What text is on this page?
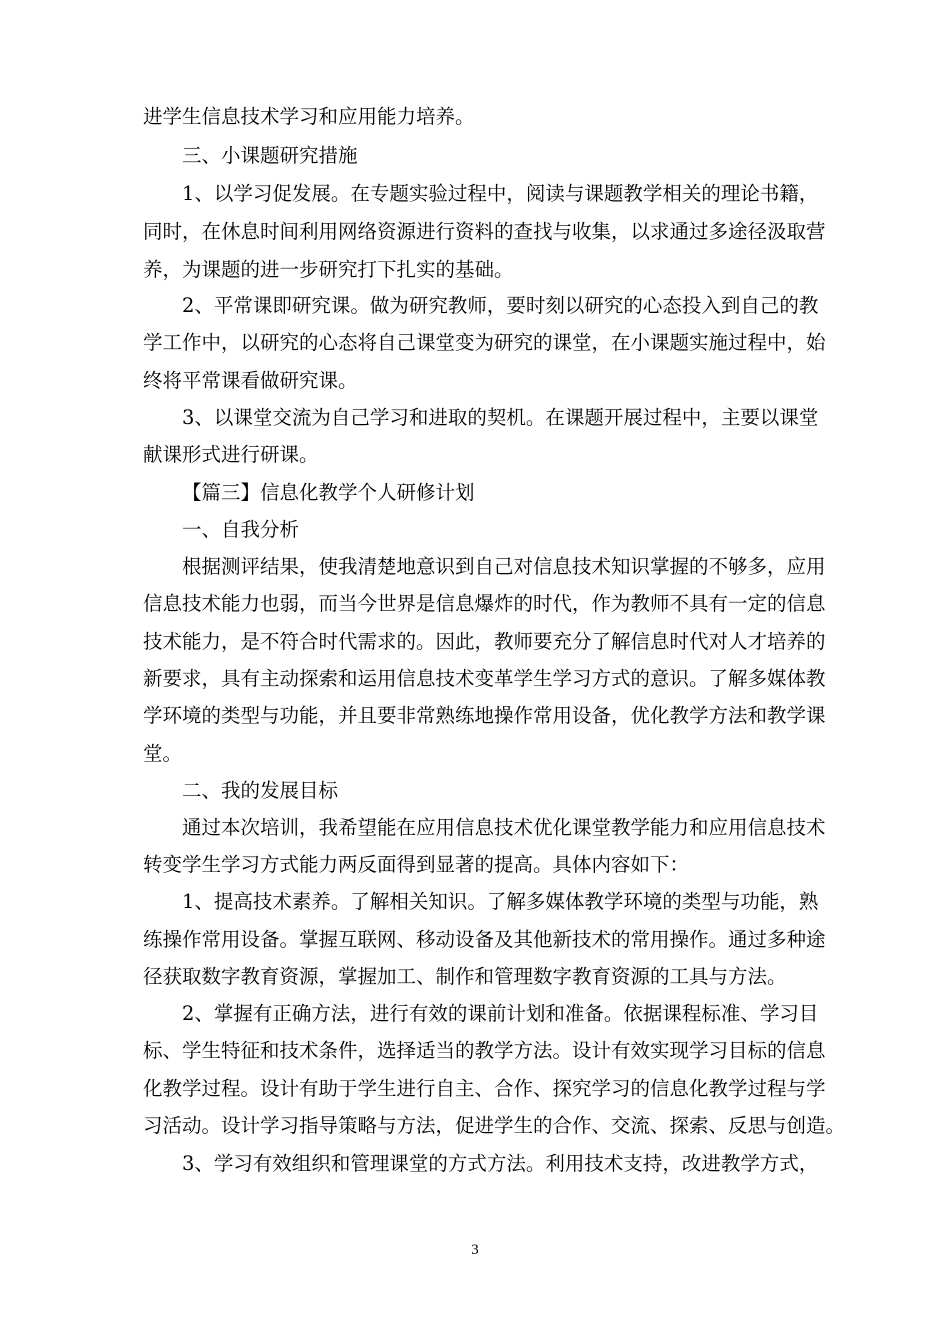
进学生信息技术学习和应用能力培养。
三、小课题研究措施
1、以学习促发展。在专题实验过程中，阅读与课题教学相关的理论书籍，
同时，在休息时间利用网络资源进行资料的查找与收集，以求通过多途径汲取营
养，为课题的进一步研究打下扎实的基础。
2、平常课即研究课。做为研究教师，要时刻以研究的心态投入到自己的教
学工作中，以研究的心态将自己课堂变为研究的课堂，在小课题实施过程中，始
终将平常课看做研究课。
3、以课堂交流为自己学习和进取的契机。在课题开展过程中，主要以课堂
献课形式进行研课。
【篇三】信息化教学个人研修计划
一、自我分析
根据测评结果，使我清楚地意识到自己对信息技术知识掌握的不够多，应用
信息技术能力也弱，而当今世界是信息爆炸的时代，作为教师不具有一定的信息
技术能力，是不符合时代需求的。因此，教师要充分了解信息时代对人才培养的
新要求，具有主动探索和运用信息技术变革学生学习方式的意识。了解多媒体教
学环境的类型与功能，并且要非常熟练地操作常用设备，优化教学方法和教学课
堂。
二、我的发展目标
通过本次培训，我希望能在应用信息技术优化课堂教学能力和应用信息技术
转变学生学习方式能力两反面得到显著的提高。具体内容如下：
1、提高技术素养。了解相关知识。了解多媒体教学环境的类型与功能，熟
练操作常用设备。掌握互联网、移动设备及其他新技术的常用操作。通过多种途
径获取数字教育资源，掌握加工、制作和管理数字教育资源的工具与方法。
2、掌握有正确方法，进行有效的课前计划和准备。依据课程标准、学习目
标、学生特征和技术条件，选择适当的教学方法。设计有效实现学习目标的信息
化教学过程。设计有助于学生进行自主、合作、探究学习的信息化教学过程与学
习活动。设计学习指导策略与方法，促进学生的合作、交流、探索、反思与创造。
3、学习有效组织和管理课堂的方式方法。利用技术支持，改进教学方式，
3
